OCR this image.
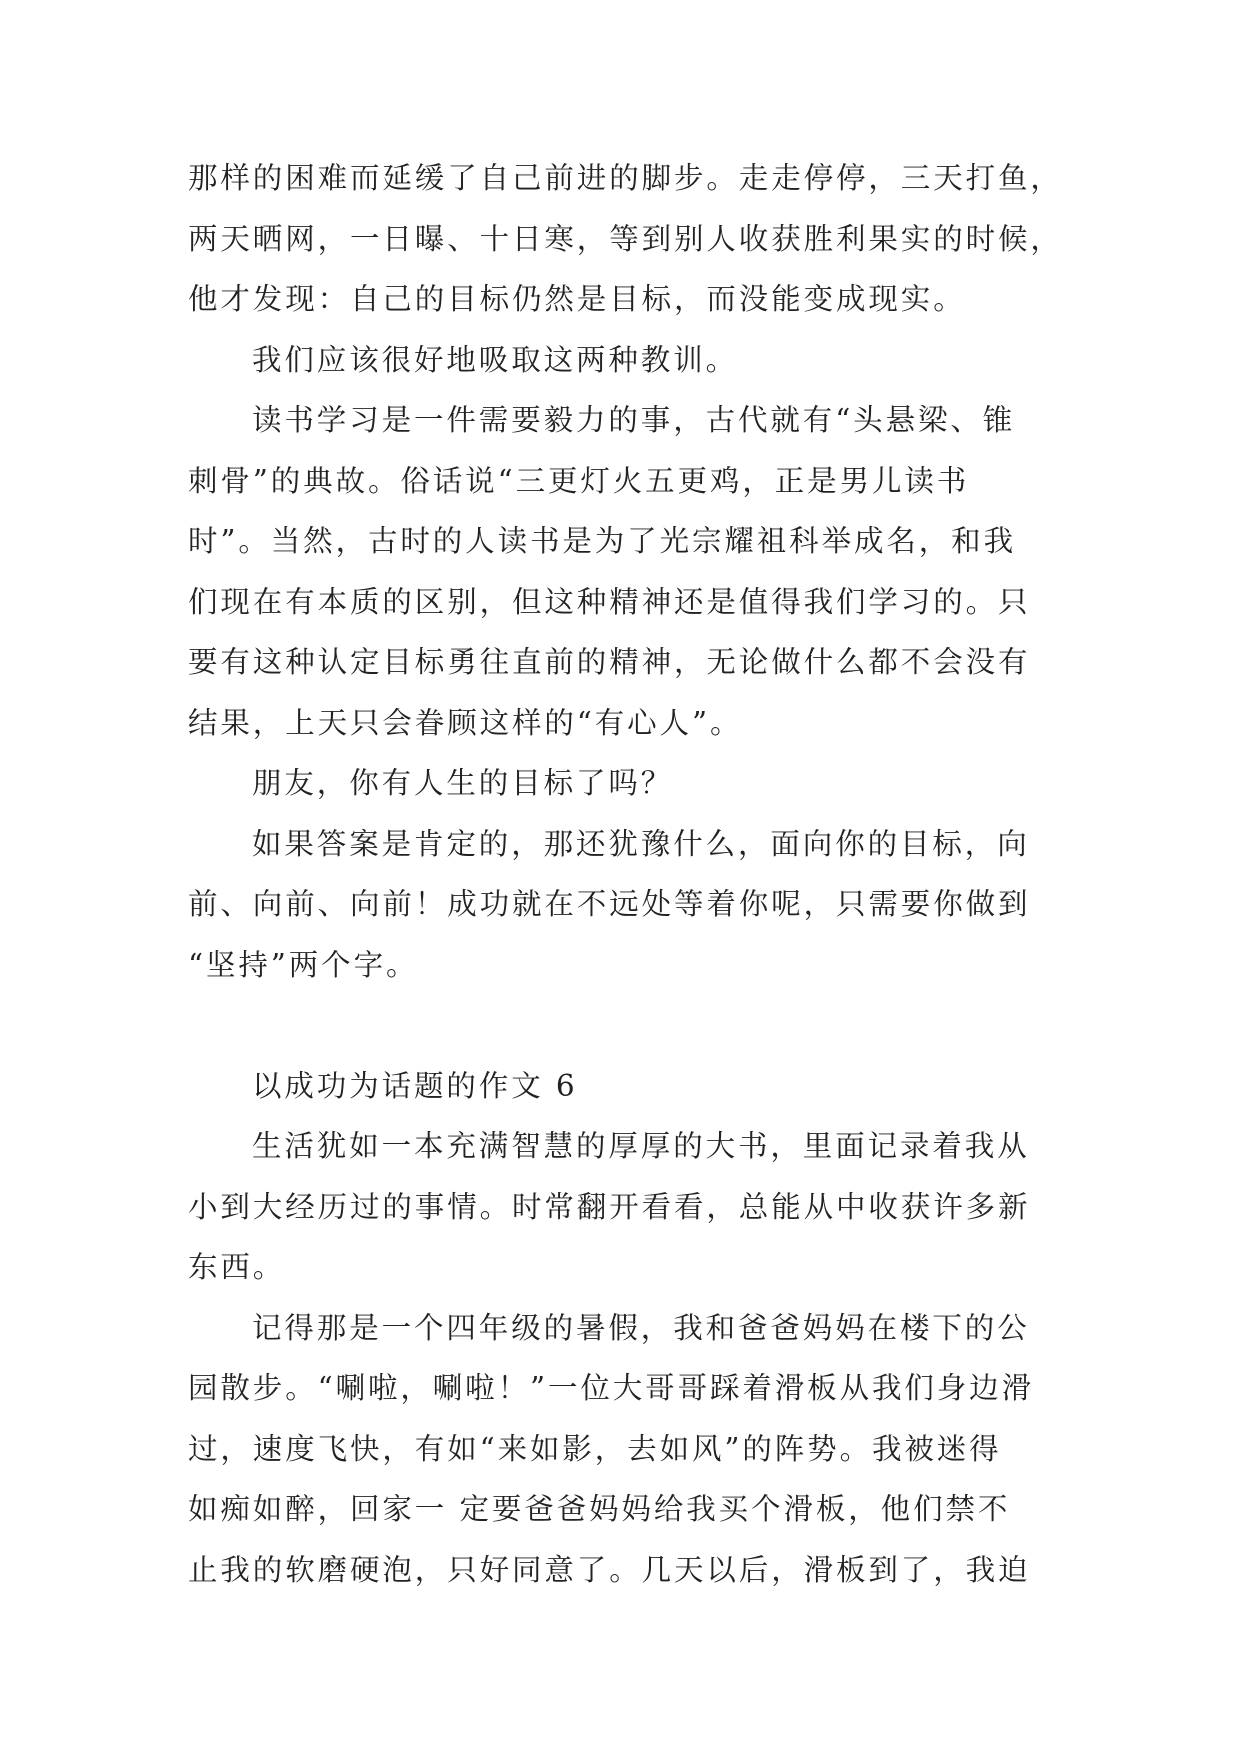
那样的困难而延缓了自己前进的脚步。走走停停，三天打鱼，
两天晒网，一日曝、十日寒，等到别人收获胜利果实的时候，
他才发现：自己的目标仍然是目标，而没能变成现实。
我们应该很好地吸取这两种教训。
读书学习是一件需要毅力的事，古代就有“头悬梁、锥
刺骨”的典故。俗话说“三更灯火五更鸡，正是男儿读书
时”。当然，古时的人读书是为了光宗耀祖科举成名，和我
们现在有本质的区别，但这种精神还是值得我们学习的。只
要有这种认定目标勇往直前的精神，无论做什么都不会没有
结果，上天只会眷顾这样的“有心人”。
朋友，你有人生的目标了吗？
如果答案是肯定的，那还犹豫什么，面向你的目标，向
前、向前、向前！成功就在不远处等着你呢，只需要你做到
“坚持”两个字。
以成功为话题的作文 6
生活犹如一本充满智慧的厚厚的大书，里面记录着我从
小到大经历过的事情。时常翻开看看，总能从中收获许多新
东西。
记得那是一个四年级的暑假，我和爸爸妈妈在楼下的公
园散步。“唰啦，唰啦！”一位大哥哥踩着滑板从我们身边滑
过，速度飞快，有如“来如影，去如风”的阵势。我被迷得
如痴如醉，回家一 定要爸爸妈妈给我买个滑板，他们禁不
止我的软磨硬泡，只好同意了。几天以后，滑板到了，我迫
